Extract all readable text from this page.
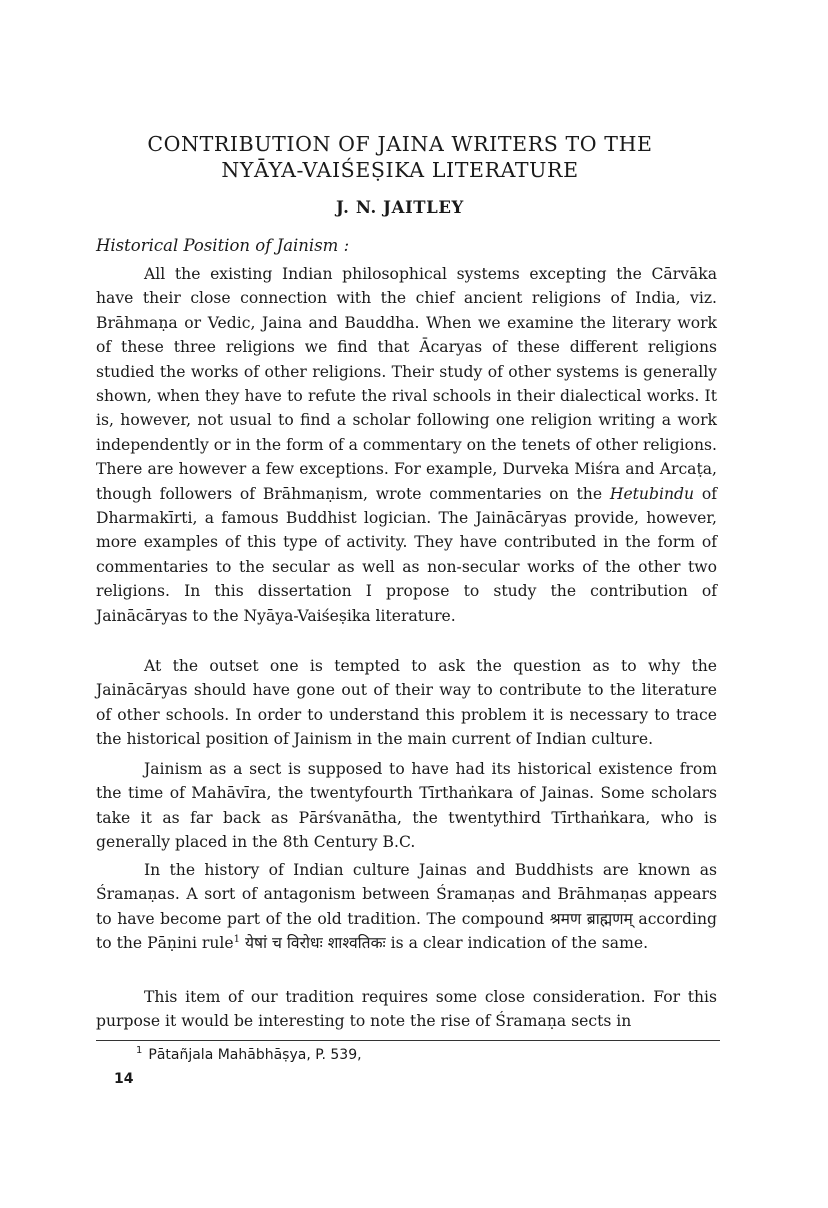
CONTRIBUTION OF JAINA WRITERS TO THE
NYĀYA-VAIŚEṢIKA LITERATURE
J. N. JAITLEY
Historical Position of Jainism :

All the existing Indian philosophical systems excepting the Cārvāka have their close connection with the chief ancient religions of India, viz. Brāhmaṇa or Vedic, Jaina and Bauddha. When we examine the literary work of these three religions we find that Ācaryas of these different religions studied the works of other religions. Their study of other systems is generally shown, when they have to refute the rival schools in their dialectical works. It is, however, not usual to find a scholar following one religion writing a work independently or in the form of a commentary on the tenets of other religions. There are however a few exceptions. For example, Durveka Miśra and Arcaṭa, though followers of Brāhmaṇism, wrote commentaries on the Hetubindu of Dharmakīrti, a famous Buddhist logician. The Jainācāryas provide, however, more examples of this type of activity. They have contributed in the form of commentaries to the secular as well as non-secular works of the other two religions. In this dissertation I propose to study the contribution of Jainācāryas to the Nyāya-Vaiśeṣika literature.

At the outset one is tempted to ask the question as to why the Jainācāryas should have gone out of their way to contribute to the literature of other schools. In order to understand this problem it is necessary to trace the historical position of Jainism in the main current of Indian culture.

Jainism as a sect is supposed to have had its historical existence from the time of Mahāvīra, the twentyfourth Tīrthaṅkara of Jainas. Some scholars take it as far back as Pārśvanātha, the twentythird Tīrthaṅkara, who is generally placed in the 8th Century B.C.

In the history of Indian culture Jainas and Buddhists are known as Śramaṇas. A sort of antagonism between Śramaṇas and Brāhmaṇas appears to have become part of the old tradition. The compound श्रमण ब्राह्मणम् according to the Pāṇini rule$^1$ येषां च विरोधः शाश्वतिकः is a clear indication of the same.

This item of our tradition requires some close consideration. For this purpose it would be interesting to note the rise of Śramaṇa sects in

$^1$ Pātañjala Mahābhāṣya, P. 539,
14
